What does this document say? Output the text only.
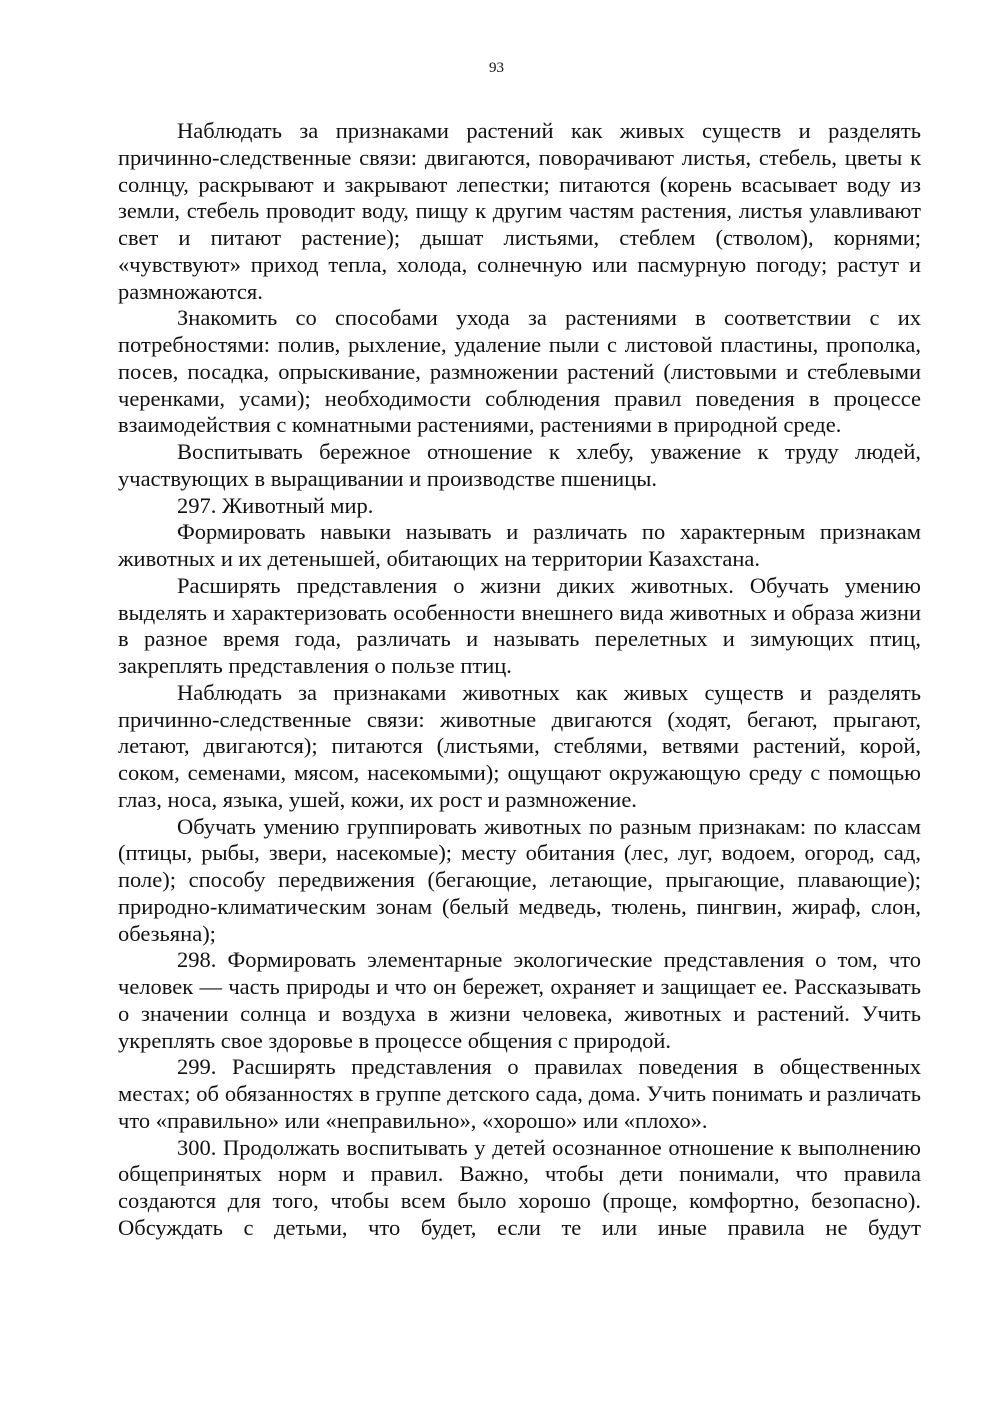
93

Наблюдать за признаками растений как живых существ и разделять причинно-следственные связи: двигаются, поворачивают листья, стебель, цветы к солнцу, раскрывают и закрывают лепестки; питаются (корень всасывает воду из земли, стебель проводит воду, пищу к другим частям растения, листья улавливают свет и питают растение); дышат листьями, стеблем (стволом), корнями; «чувствуют» приход тепла, холода, солнечную или пасмурную погоду; растут и размножаются.

Знакомить со способами ухода за растениями в соответствии с их потребностями: полив, рыхление, удаление пыли с листовой пластины, прополка, посев, посадка, опрыскивание, размножении растений (листовыми и стеблевыми черенками, усами); необходимости соблюдения правил поведения в процессе взаимодействия с комнатными растениями, растениями в природной среде.

Воспитывать бережное отношение к хлебу, уважение к труду людей, участвующих в выращивании и производстве пшеницы.

297. Животный мир.

Формировать навыки называть и различать по характерным признакам животных и их детенышей, обитающих на территории Казахстана.

Расширять представления о жизни диких животных. Обучать умению выделять и характеризовать особенности внешнего вида животных и образа жизни в разное время года, различать и называть перелетных и зимующих птиц, закреплять представления о пользе птиц.

Наблюдать за признаками животных как живых существ и разделять причинно-следственные связи: животные двигаются (ходят, бегают, прыгают, летают, двигаются); питаются (листьями, стеблями, ветвями растений, корой, соком, семенами, мясом, насекомыми); ощущают окружающую среду с помощью глаз, носа, языка, ушей, кожи, их рост и размножение.

Обучать умению группировать животных по разным признакам: по классам (птицы, рыбы, звери, насекомые); месту обитания (лес, луг, водоем, огород, сад, поле); способу передвижения (бегающие, летающие, прыгающие, плавающие); природно-климатическим зонам (белый медведь, тюлень, пингвин, жираф, слон, обезьяна);

298. Формировать элементарные экологические представления о том, что человек — часть природы и что он бережет, охраняет и защищает ее. Рассказывать о значении солнца и воздуха в жизни человека, животных и растений. Учить укреплять свое здоровье в процессе общения с природой.

299. Расширять представления о правилах поведения в общественных местах; об обязанностях в группе детского сада, дома. Учить понимать и различать что «правильно» или «неправильно», «хорошо» или «плохо».

300. Продолжать воспитывать у детей осознанное отношение к выполнению общепринятых норм и правил. Важно, чтобы дети понимали, что правила создаются для того, чтобы всем было хорошо (проще, комфортно, безопасно). Обсуждать с детьми, что будет, если те или иные правила не будут
